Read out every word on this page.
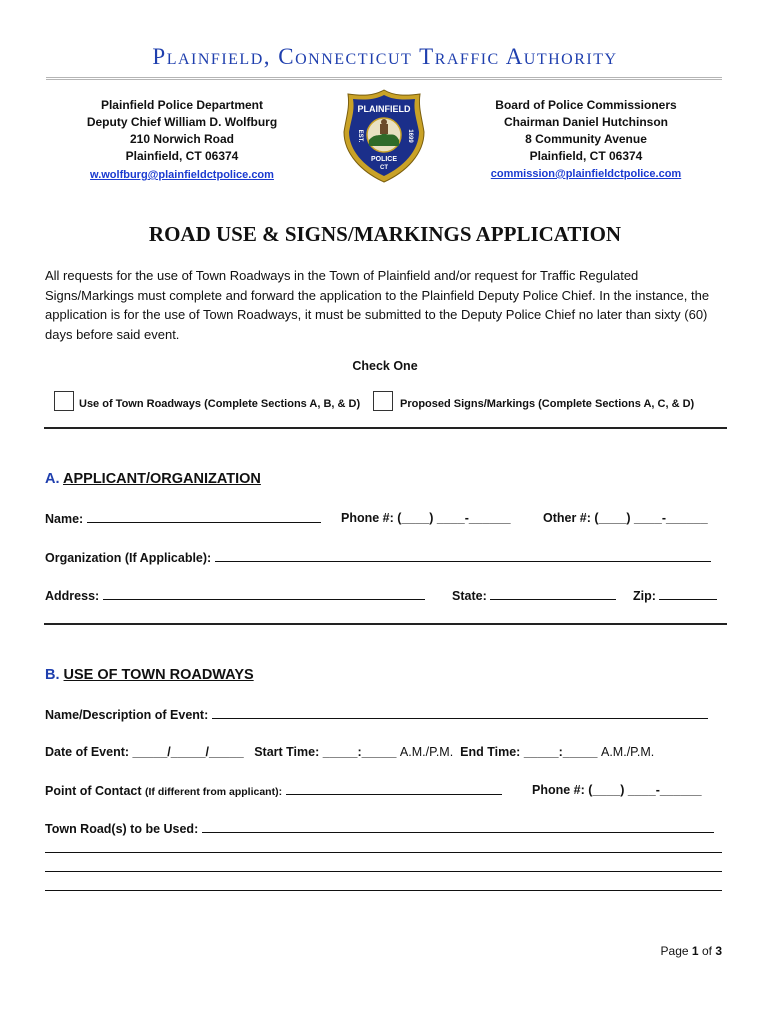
Plainfield, Connecticut Traffic Authority
Plainfield Police Department
Deputy Chief William D. Wolfburg
210 Norwich Road
Plainfield, CT 06374
w.wolfburg@plainfieldctpolice.com
Board of Police Commissioners
Chairman Daniel Hutchinson
8 Community Avenue
Plainfield, CT 06374
commission@plainfieldctpolice.com
PLAINFIELD
EST.	1699
POLICE
CT
ROAD USE & SIGNS/MARKINGS APPLICATION
All requests for the use of Town Roadways in the Town of Plainfield and/or request for Traffic Regulated Signs/Markings must complete and forward the application to the Plainfield Deputy Police Chief. In the instance, the application is for the use of Town Roadways, it must be submitted to the Deputy Police Chief no later than sixty (60) days before said event.
Check One
Use of Town Roadways (Complete Sections A, B, & D)	Proposed Signs/Markings (Complete Sections A, C, & D)
A. APPLICANT/ORGANIZATION
Name:	Phone #: (____) ____-______	Other #: (____) ____-______
Organization (If Applicable):
Address:	State:	Zip:
B. USE OF TOWN ROADWAYS
Name/Description of Event:
Date of Event: _____/_____/_____ Start Time: _____:_____ A.M./P.M. End Time: _____:_____ A.M./P.M.
Point of Contact (If different from applicant):	Phone #: (____) ____-______
Town Road(s) to be Used:
Page 1 of 3
